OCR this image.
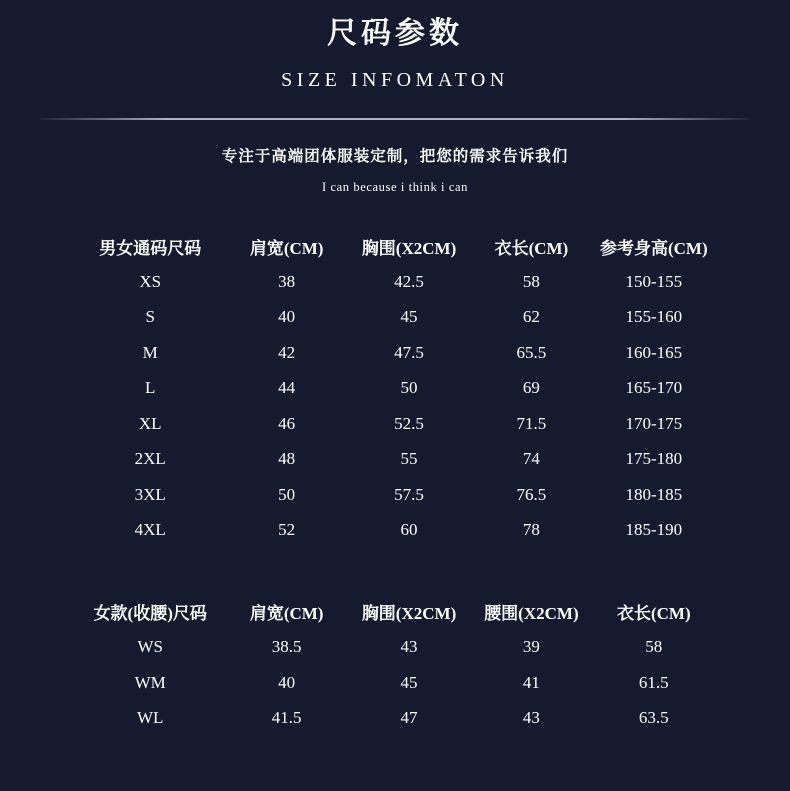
尺码参数
SIZE INFOMATON
专注于高端团体服装定制，把您的需求告诉我们
I can because i think i can
男女通码尺码	肩宽(CM)	胸围(X2CM)	衣长(CM)	参考身高(CM)
XS	38	42.5	58	150-155
S	40	45	62	155-160
M	42	47.5	65.5	160-165
L	44	50	69	165-170
XL	46	52.5	71.5	170-175
2XL	48	55	74	175-180
3XL	50	57.5	76.5	180-185
4XL	52	60	78	185-190
女款(收腰)尺码	肩宽(CM)	胸围(X2CM)	腰围(X2CM)	衣长(CM)
WS	38.5	43	39	58
WM	40	45	41	61.5
WL	41.5	47	43	63.5
